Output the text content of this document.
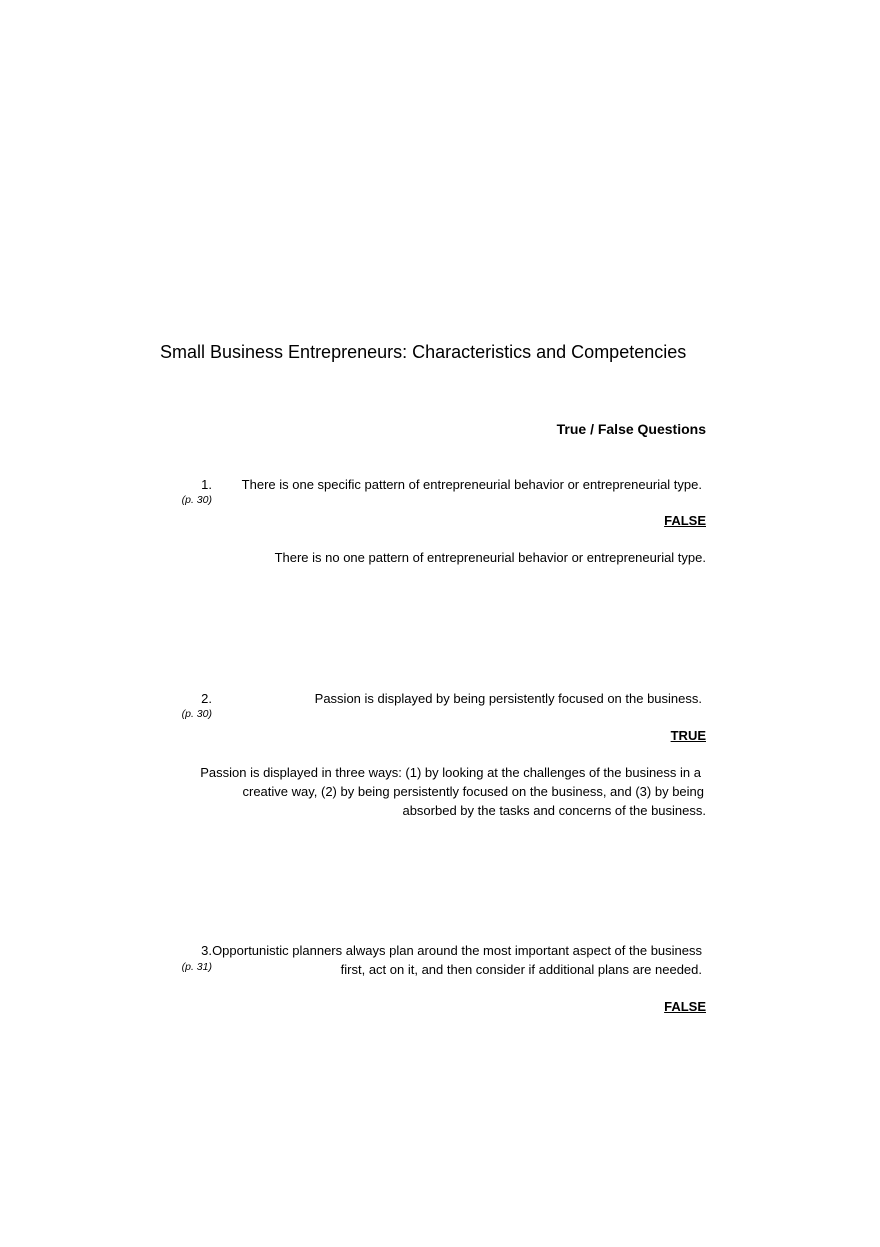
Small Business Entrepreneurs: Characteristics and Competencies
True / False Questions
1.
(p. 30)
There is one specific pattern of entrepreneurial behavior or entrepreneurial type.
FALSE
There is no one pattern of entrepreneurial behavior or entrepreneurial type.
2.
(p. 30)
Passion is displayed by being persistently focused on the business.
TRUE
Passion is displayed in three ways: (1) by looking at the challenges of the business in a
creative way, (2) by being persistently focused on the business, and (3) by being
absorbed by the tasks and concerns of the business.
3.
(p. 31)
Opportunistic planners always plan around the most important aspect of the business
first, act on it, and then consider if additional plans are needed.
FALSE
